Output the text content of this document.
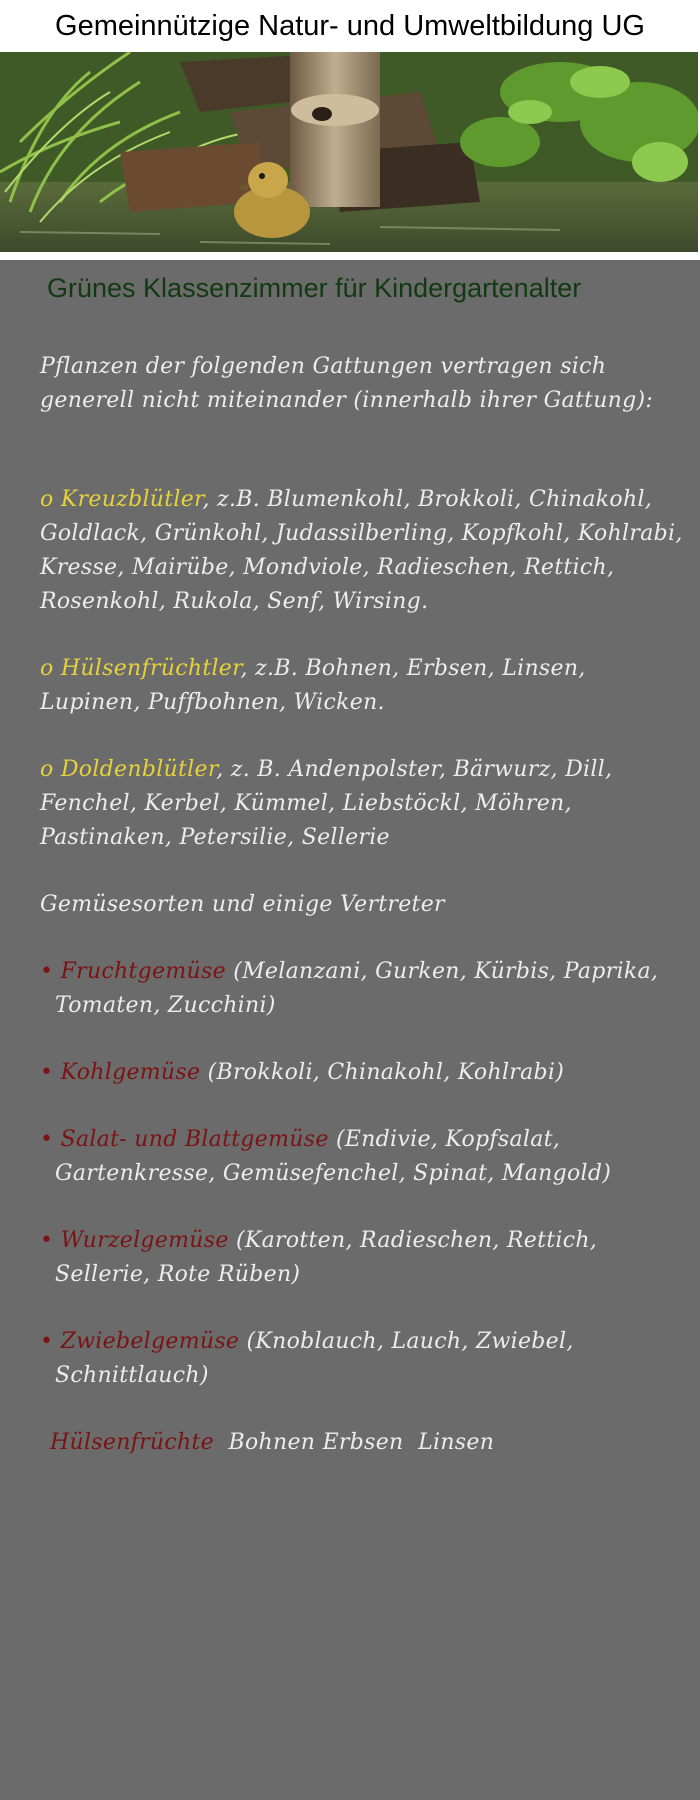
Gemeinnützige Natur- und Umweltbildung UG
Grünes Klassenzimmer für Kindergartenalter

Pflanzen der folgenden Gattungen vertragen sich generell nicht miteinander (innerhalb ihrer Gattung):

o Kreuzblütler, z.B. Blumenkohl, Brokkoli, Chinakohl, Goldlack, Grünkohl, Judassilberling, Kopfkohl, Kohlrabi, Kresse, Mairübe, Mondviole, Radieschen, Rettich, Rosenkohl, Rukola, Senf, Wirsing.

o Hülsenfrüchtler, z.B. Bohnen, Erbsen, Linsen, Lupinen, Puffbohnen, Wicken.

o Doldenblütler, z. B. Andenpolster, Bärwurz, Dill, Fenchel, Kerbel, Kümmel, Liebstöckl, Möhren, Pastinaken, Petersilie, Sellerie

Gemüsesorten und einige Vertreter

• Fruchtgemüse (Melanzani, Gurken, Kürbis, Paprika, Tomaten, Zucchini)

• Kohlgemüse (Brokkoli, Chinakohl, Kohlrabi)

• Salat- und Blattgemüse (Endivie, Kopfsalat, Gartenkresse, Gemüsefenchel, Spinat, Mangold)

• Wurzelgemüse (Karotten, Radieschen, Rettich, Sellerie, Rote Rüben)

• Zwiebelgemüse (Knoblauch, Lauch, Zwiebel, Schnittlauch)

Hülsenfrüchte  Bohnen Erbsen  Linsen
